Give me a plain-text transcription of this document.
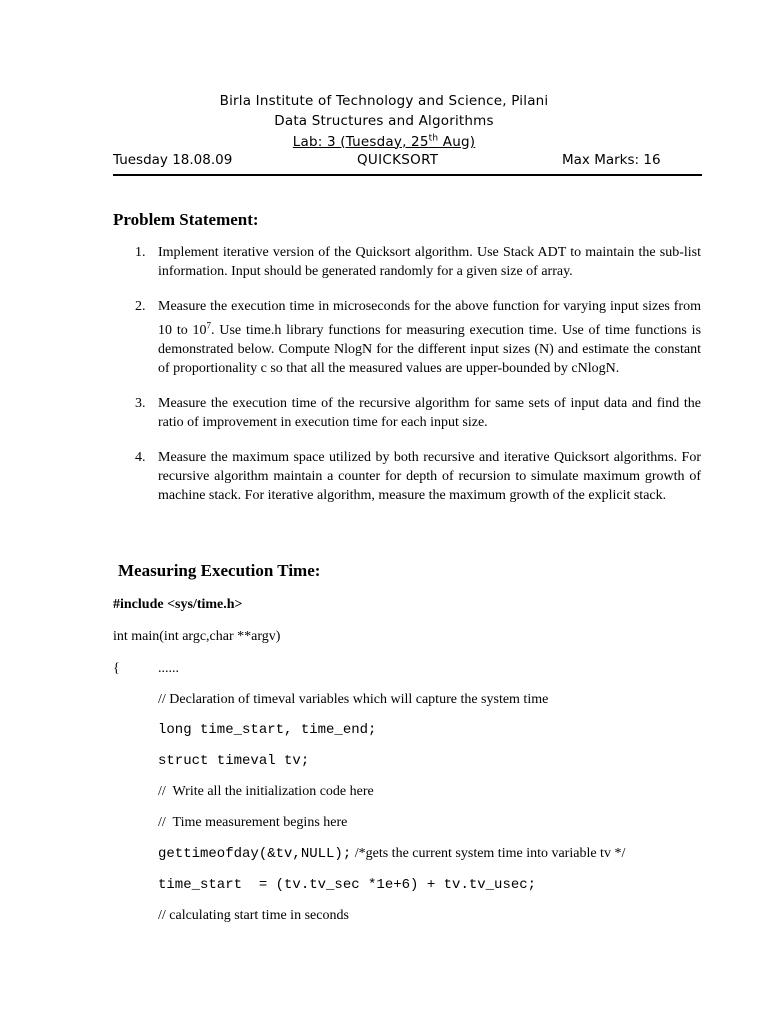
Birla Institute of Technology and Science, Pilani
Data Structures and Algorithms
Lab: 3 (Tuesday, 25th Aug)
Tuesday 18.08.09	QUICKSORT	Max Marks: 16
Problem Statement:
1. Implement iterative version of the Quicksort algorithm. Use Stack ADT to maintain the sub-list information. Input should be generated randomly for a given size of array.
2. Measure the execution time in microseconds for the above function for varying input sizes from 10 to $10^7$. Use time.h library functions for measuring execution time. Use of time functions is demonstrated below. Compute NlogN for the different input sizes (N) and estimate the constant of proportionality c so that all the measured values are upper-bounded by cNlogN.
3. Measure the execution time of the recursive algorithm for same sets of input data and find the ratio of improvement in execution time for each input size.
4. Measure the maximum space utilized by both recursive and iterative Quicksort algorithms. For recursive algorithm maintain a counter for depth of recursion to simulate maximum growth of machine stack. For iterative algorithm, measure the maximum growth of the explicit stack.
Measuring Execution Time:
#include <sys/time.h>
int main(int argc,char **argv)
{	......
// Declaration of timeval variables which will capture the system time
long time_start, time_end;
struct timeval tv;
//  Write all the initialization code here
//  Time measurement begins here
gettimeofday(&tv,NULL); /*gets the current system time into variable tv */
time_start  = (tv.tv_sec *1e+6) + tv.tv_usec;
// calculating start time in seconds
